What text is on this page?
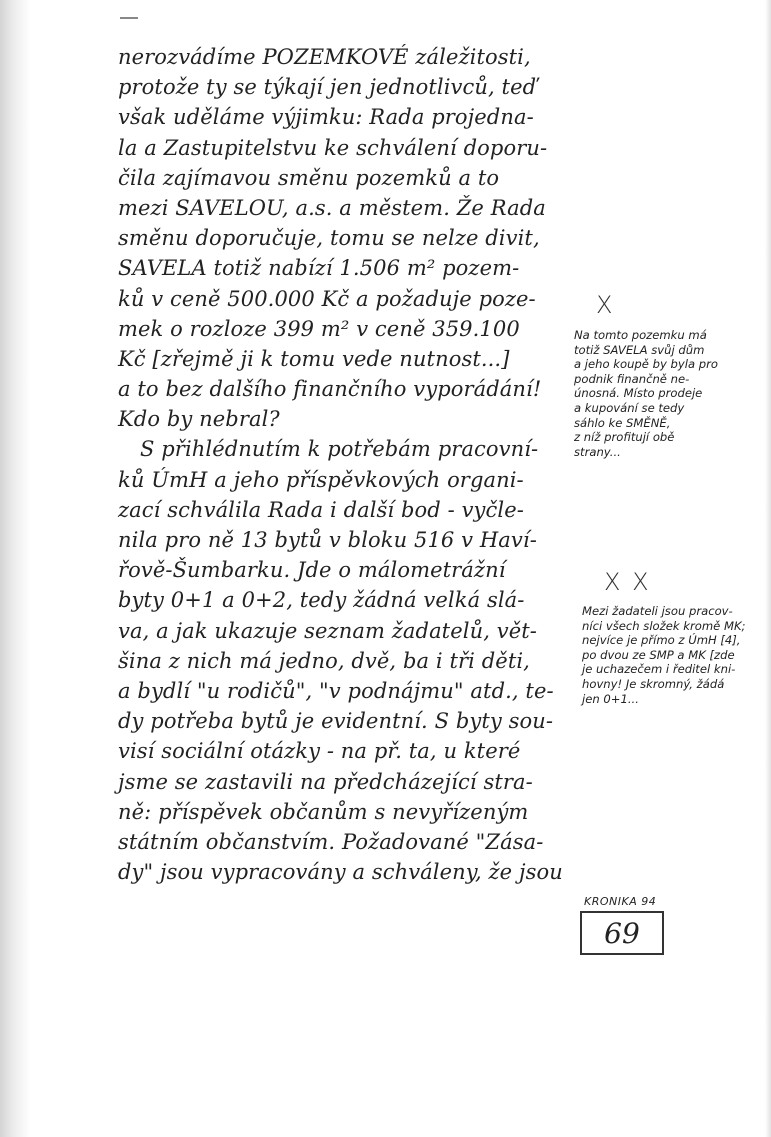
nerozvádíme POZEMKOVÉ záležitosti,
protože ty se týkají jen jednotlivců, teď
však uděláme výjimku: Rada projedna-
la a Zastupitelstvu ke schválení doporu-
čila zajímavou směnu pozemků a to
mezi SAVELOU, a.s. a městem. Že Rada
směnu doporučuje, tomu se nelze divit,
SAVELA totiž nabízí 1.506 m² pozem-
ků v ceně 500.000 Kč a požaduje poze-
mek o rozloze 399 m² v ceně 359.100
Kč [zřejmě ji k tomu vede nutnost...]
a to bez dalšího finančního vyporádání!
Kdo by nebral?
S přihlédnutím k potřebám pracovní-
ků ÚmH a jeho příspěvkových organi-
zací schválila Rada i další bod - vyčle-
nila pro ně 13 bytů v bloku 516 v Haví-
řově-Šumbarku. Jde o málometrážní
byty 0+1 a 0+2, tedy žádná velká slá-
va, a jak ukazuje seznam žadatelů, vět-
šina z nich má jedno, dvě, ba i tři děti,
a bydlí "u rodičů", "v podnájmu" atd., te-
dy potřeba bytů je evidentní. S byty sou-
visí sociální otázky - na př. ta, u které
jsme se zastavili na předcházející stra-
ně: příspěvek občanům s nevyřízeným
státním občanstvím. Požadované "Zása-
dy" jsou vypracovány a schváleny, že jsou
X
Na tomto pozemku má
totiž SAVELA svůj dům
a jeho koupě by byla pro
podnik finančně ne-
únosná. Místo prodeje
a kupování se tedy
sáhlo ke SMĚNĚ,
z níž profitují obě
strany...
X X
Mezi žadateli jsou pracov-
níci všech složek kromě MK;
nejvíce je přímo z ÚmH [4],
po dvou ze SMP a MK [zde
je uchazečem i ředitel kni-
hovny! Je skromný, žádá
jen 0+1...
KRONIKA 94
69
